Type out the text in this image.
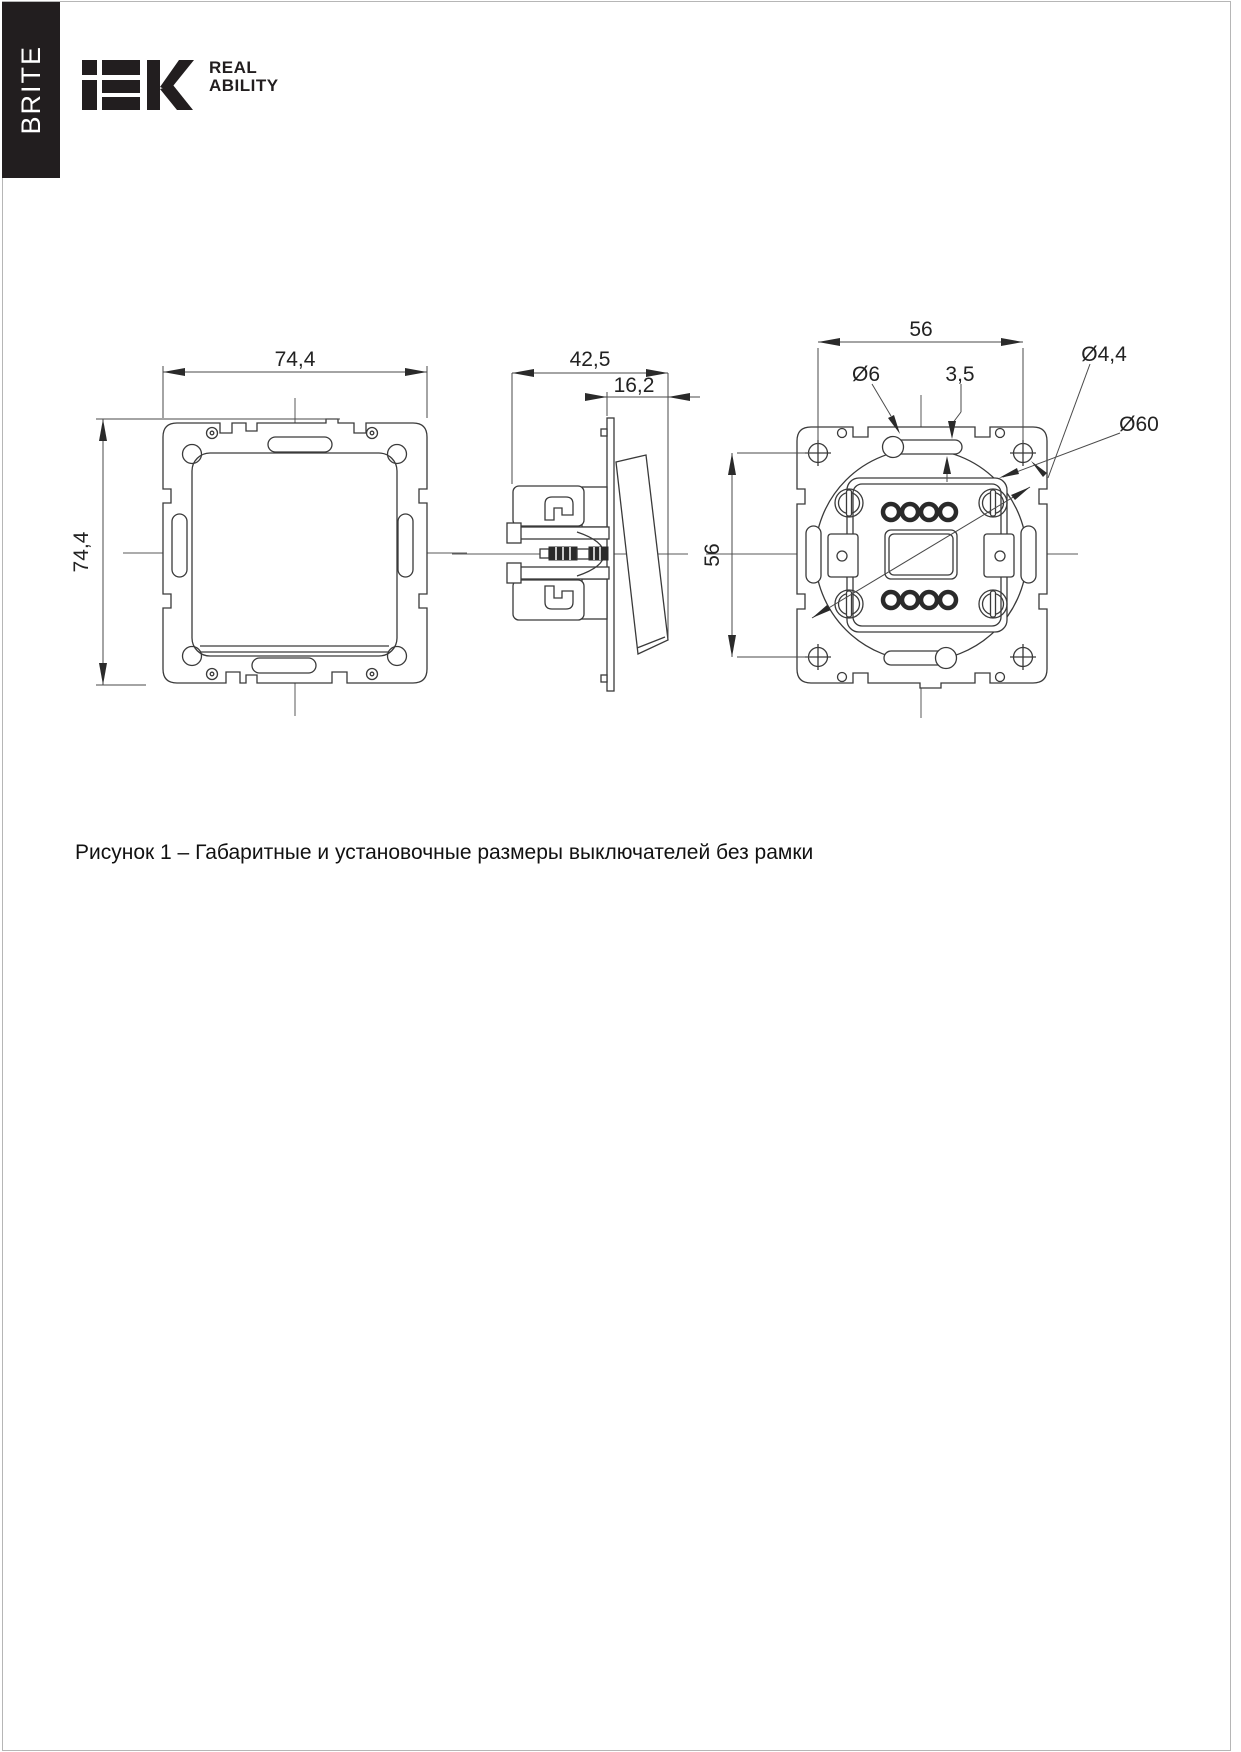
BRITE	REAL
ABILITY
74,4
74,4
42,5
16,2
56
56
Ø6	3,5
Ø4,4
Ø60
Рисунок 1 – Габаритные и установочные размеры выключателей без рамки
